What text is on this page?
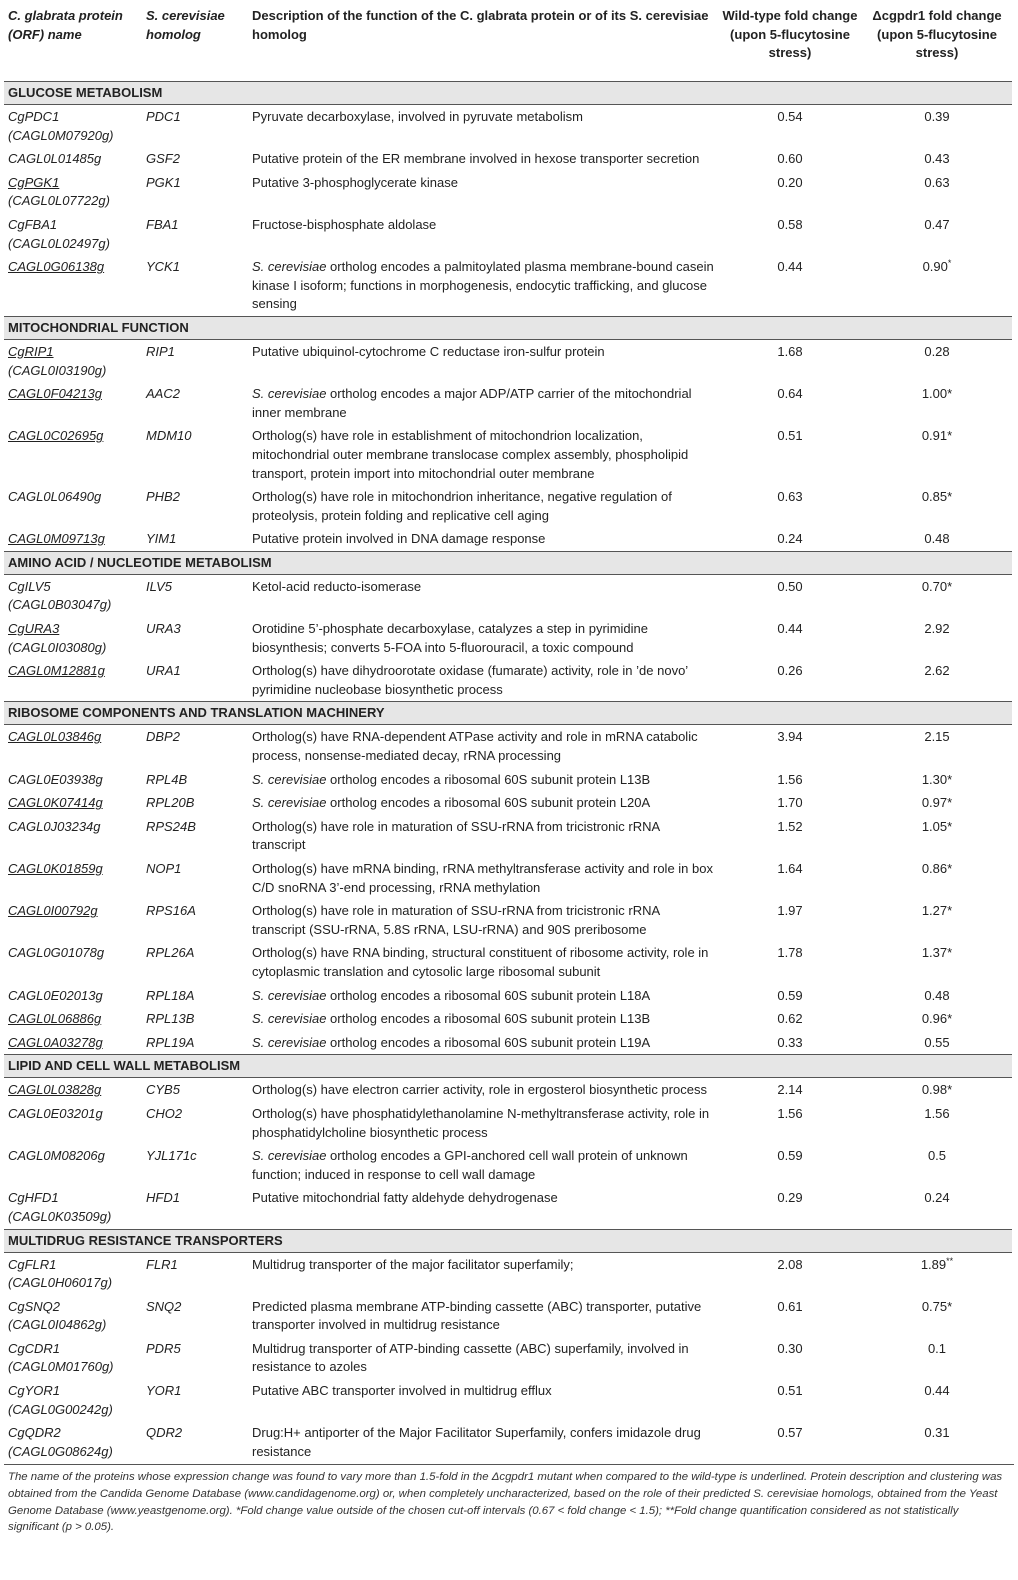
C. glabrata protein (ORF) name	S. cerevisiae homolog	Description of the function of the C. glabrata protein or of its S. cerevisiae homolog	Wild-type fold change (upon 5-flucytosine stress)	Δcgpdr1 fold change (upon 5-flucytosine stress)
GLUCOSE METABOLISM				
CgPDC1
(CAGL0M07920g)	PDC1	Pyruvate decarboxylase, involved in pyruvate metabolism	0.54	0.39
CAGL0L01485g	GSF2	Putative protein of the ER membrane involved in hexose transporter secretion	0.60	0.43
CgPGK1
(CAGL0L07722g)	PGK1	Putative 3-phosphoglycerate kinase	0.20	0.63
CgFBA1
(CAGL0L02497g)	FBA1	Fructose-bisphosphate aldolase	0.58	0.47
CAGL0G06138g	YCK1	S. cerevisiae ortholog encodes a palmitoylated plasma membrane-bound casein kinase I isoform; functions in morphogenesis, endocytic trafficking, and glucose sensing	0.44	0.90*
MITOCHONDRIAL FUNCTION				
CgRIP1
(CAGL0I03190g)	RIP1	Putative ubiquinol-cytochrome C reductase iron-sulfur protein	1.68	0.28
CAGL0F04213g	AAC2	S. cerevisiae ortholog encodes a major ADP/ATP carrier of the mitochondrial inner membrane	0.64	1.00*
CAGL0C02695g	MDM10	Ortholog(s) have role in establishment of mitochondrion localization, mitochondrial outer membrane translocase complex assembly, phospholipid transport, protein import into mitochondrial outer membrane	0.51	0.91*
CAGL0L06490g	PHB2	Ortholog(s) have role in mitochondrion inheritance, negative regulation of proteolysis, protein folding and replicative cell aging	0.63	0.85*
CAGL0M09713g	YIM1	Putative protein involved in DNA damage response	0.24	0.48
AMINO ACID / NUCLEOTIDE METABOLISM				
CgILV5
(CAGL0B03047g)	ILV5	Ketol-acid reducto-isomerase	0.50	0.70*
CgURA3
(CAGL0I03080g)	URA3	Orotidine 5’-phosphate decarboxylase, catalyzes a step in pyrimidine biosynthesis; converts 5-FOA into 5-fluorouracil, a toxic compound	0.44	2.92
CAGL0M12881g	URA1	Ortholog(s) have dihydroorotate oxidase (fumarate) activity, role in ’de novo’ pyrimidine nucleobase biosynthetic process	0.26	2.62
RIBOSOME COMPONENTS AND TRANSLATION MACHINERY				
CAGL0L03846g	DBP2	Ortholog(s) have RNA-dependent ATPase activity and role in mRNA catabolic process, nonsense-mediated decay, rRNA processing	3.94	2.15
CAGL0E03938g	RPL4B	S. cerevisiae ortholog encodes a ribosomal 60S subunit protein L13B	1.56	1.30*
CAGL0K07414g	RPL20B	S. cerevisiae ortholog encodes a ribosomal 60S subunit protein L20A	1.70	0.97*
CAGL0J03234g	RPS24B	Ortholog(s) have role in maturation of SSU-rRNA from tricistronic rRNA transcript	1.52	1.05*
CAGL0K01859g	NOP1	Ortholog(s) have mRNA binding, rRNA methyltransferase activity and role in box C/D snoRNA 3’-end processing, rRNA methylation	1.64	0.86*
CAGL0I00792g	RPS16A	Ortholog(s) have role in maturation of SSU-rRNA from tricistronic rRNA transcript (SSU-rRNA, 5.8S rRNA, LSU-rRNA) and 90S preribosome	1.97	1.27*
CAGL0G01078g	RPL26A	Ortholog(s) have RNA binding, structural constituent of ribosome activity, role in cytoplasmic translation and cytosolic large ribosomal subunit	1.78	1.37*
CAGL0E02013g	RPL18A	S. cerevisiae ortholog encodes a ribosomal 60S subunit protein L18A	0.59	0.48
CAGL0L06886g	RPL13B	S. cerevisiae ortholog encodes a ribosomal 60S subunit protein L13B	0.62	0.96*
CAGL0A03278g	RPL19A	S. cerevisiae ortholog encodes a ribosomal 60S subunit protein L19A	0.33	0.55
LIPID AND CELL WALL METABOLISM				
CAGL0L03828g	CYB5	Ortholog(s) have electron carrier activity, role in ergosterol biosynthetic process	2.14	0.98*
CAGL0E03201g	CHO2	Ortholog(s) have phosphatidylethanolamine N-methyltransferase activity, role in phosphatidylcholine biosynthetic process	1.56	1.56
CAGL0M08206g	YJL171c	S. cerevisiae ortholog encodes a GPI-anchored cell wall protein of unknown function; induced in response to cell wall damage	0.59	0.5
CgHFD1
(CAGL0K03509g)	HFD1	Putative mitochondrial fatty aldehyde dehydrogenase	0.29	0.24
MULTIDRUG RESISTANCE TRANSPORTERS				
CgFLR1
(CAGL0H06017g)	FLR1	Multidrug transporter of the major facilitator superfamily;	2.08	1.89**
CgSNQ2
(CAGL0I04862g)	SNQ2	Predicted plasma membrane ATP-binding cassette (ABC) transporter, putative transporter involved in multidrug resistance	0.61	0.75*
CgCDR1
(CAGL0M01760g)	PDR5	Multidrug transporter of ATP-binding cassette (ABC) superfamily, involved in resistance to azoles	0.30	0.1
CgYOR1
(CAGL0G00242g)	YOR1	Putative ABC transporter involved in multidrug efflux	0.51	0.44
CgQDR2
(CAGL0G08624g)	QDR2	Drug:H+ antiporter of the Major Facilitator Superfamily, confers imidazole drug resistance	0.57	0.31
The name of the proteins whose expression change was found to vary more than 1.5-fold in the Δcgpdr1 mutant when compared to the wild-type is underlined. Protein description and clustering was obtained from the Candida Genome Database (www.candidagenome.org) or, when completely uncharacterized, based on the role of their predicted S. cerevisiae homologs, obtained from the Yeast Genome Database (www.yeastgenome.org). *Fold change value outside of the chosen cut-off intervals (0.67 < fold change < 1.5); **Fold change quantification considered as not statistically significant (p > 0.05).
